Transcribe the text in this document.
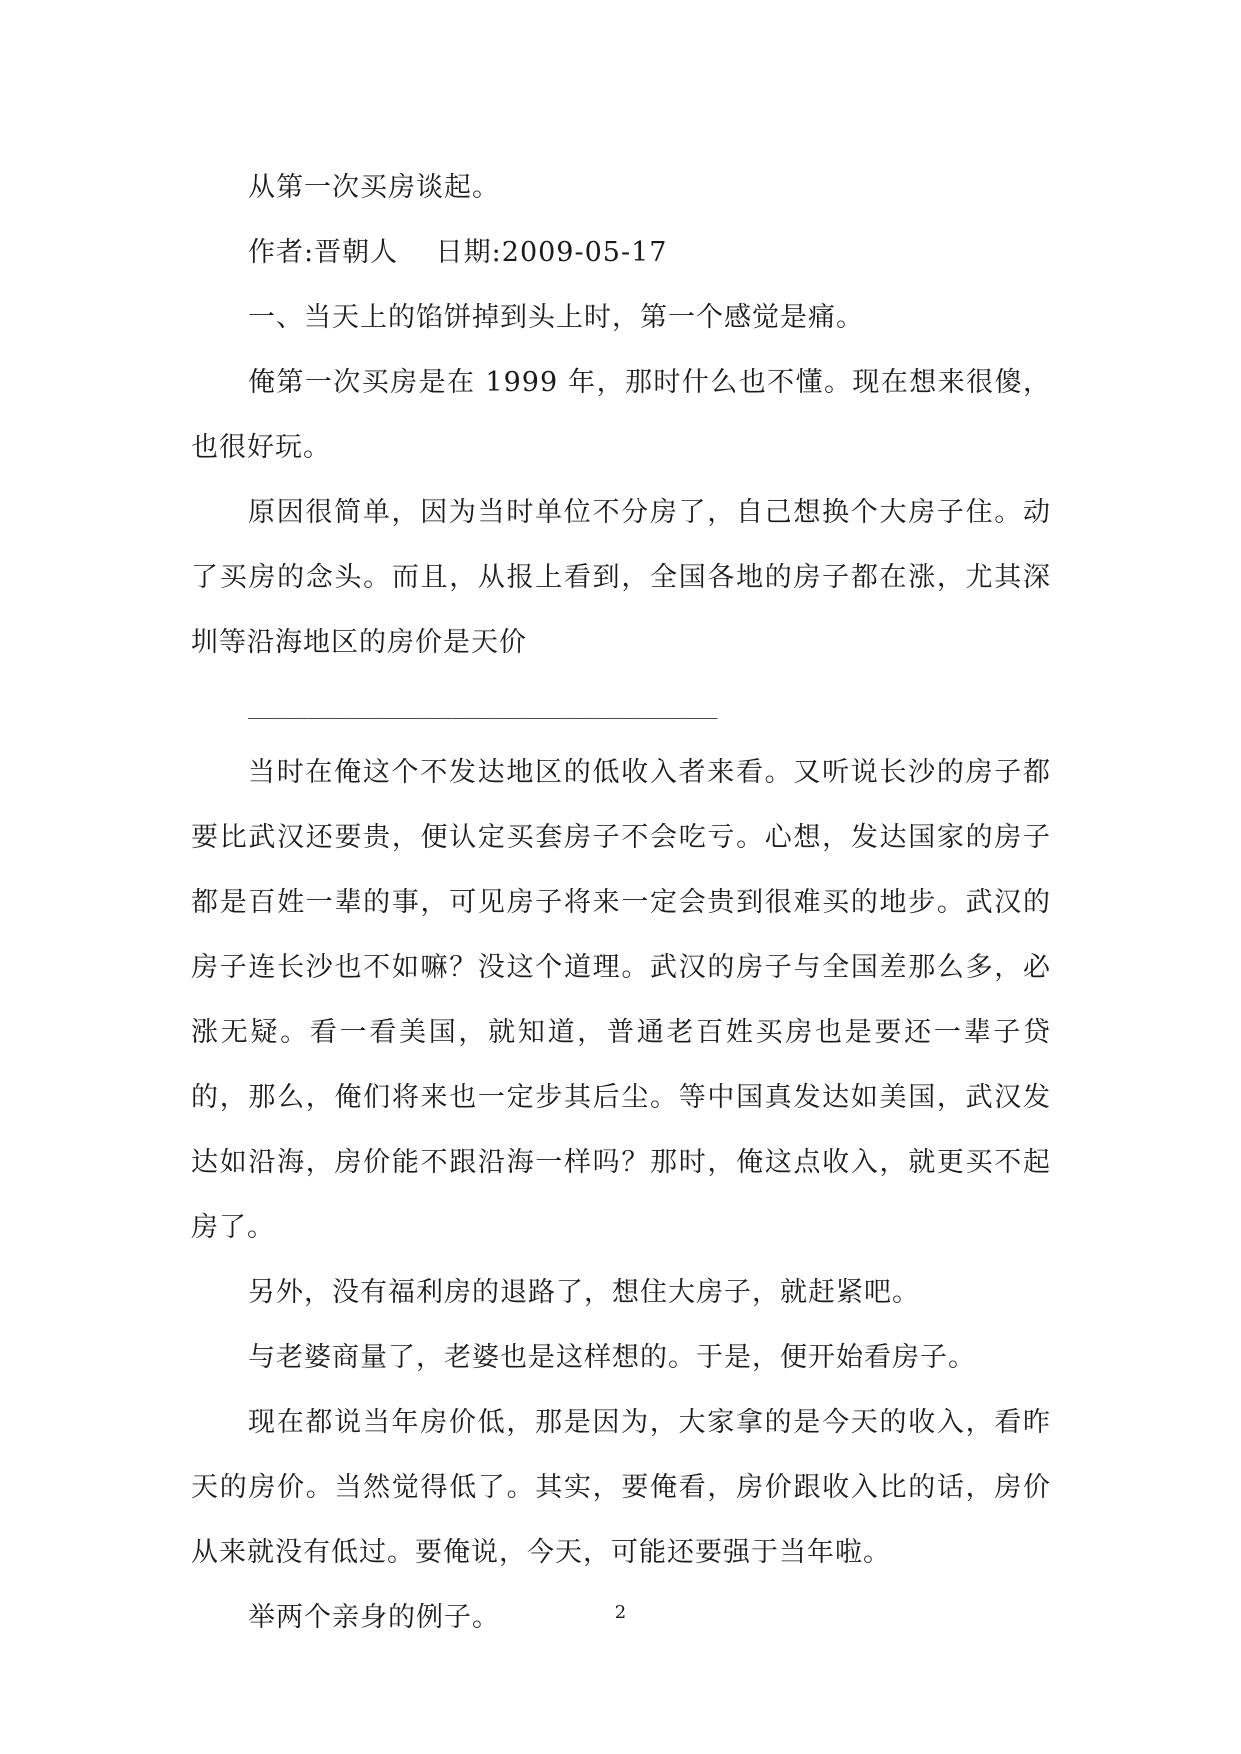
从第一次买房谈起。

作者:晋朝人　 日期:2009-05-17

一、当天上的馅饼掉到头上时，第一个感觉是痛。

俺第一次买房是在 1999 年，那时什么也不懂。现在想来很傻，也很好玩。

原因很简单，因为当时单位不分房了，自己想换个大房子住。动了买房的念头。而且，从报上看到，全国各地的房子都在涨，尤其深圳等沿海地区的房价是天价

_______________________________________

当时在俺这个不发达地区的低收入者来看。又听说长沙的房子都要比武汉还要贵，便认定买套房子不会吃亏。心想，发达国家的房子都是百姓一辈的事，可见房子将来一定会贵到很难买的地步。武汉的房子连长沙也不如嘛？没这个道理。武汉的房子与全国差那么多，必涨无疑。看一看美国，就知道，普通老百姓买房也是要还一辈子贷的，那么，俺们将来也一定步其后尘。等中国真发达如美国，武汉发达如沿海，房价能不跟沿海一样吗？那时，俺这点收入，就更买不起房了。

另外，没有福利房的退路了，想住大房子，就赶紧吧。

与老婆商量了，老婆也是这样想的。于是，便开始看房子。

现在都说当年房价低，那是因为，大家拿的是今天的收入，看昨天的房价。当然觉得低了。其实，要俺看，房价跟收入比的话，房价从来就没有低过。要俺说，今天，可能还要强于当年啦。

举两个亲身的例子。	2
